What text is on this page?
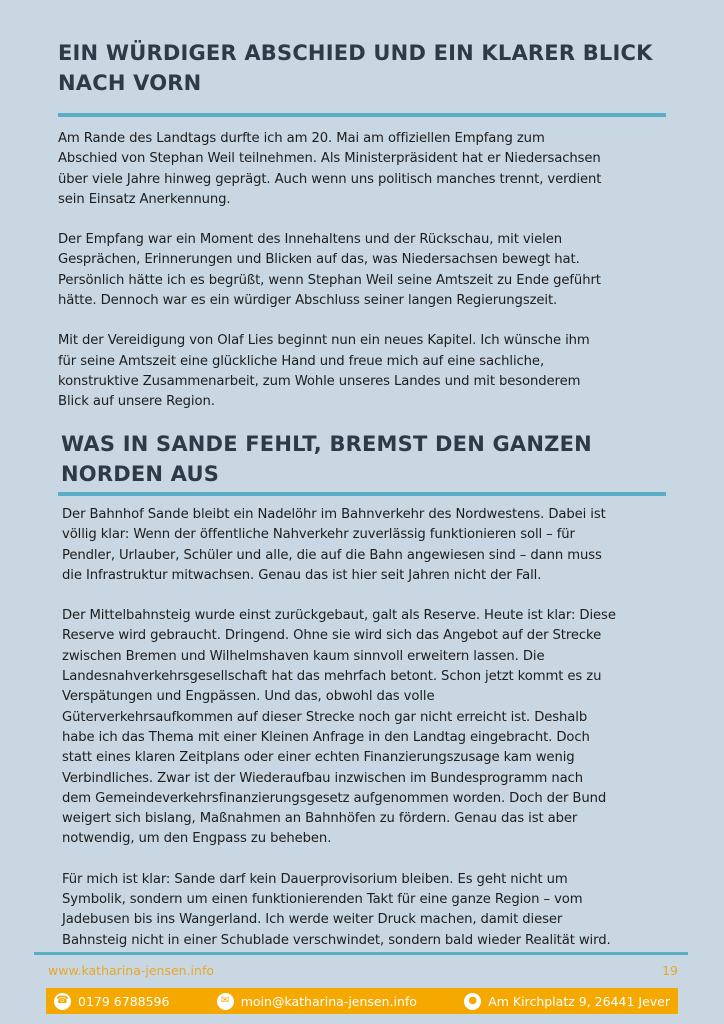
EIN WÜRDIGER ABSCHIED UND EIN KLARER BLICK
NACH VORN

Am Rande des Landtags durfte ich am 20. Mai am offiziellen Empfang zum
Abschied von Stephan Weil teilnehmen. Als Ministerpräsident hat er Niedersachsen
über viele Jahre hinweg geprägt. Auch wenn uns politisch manches trennt, verdient
sein Einsatz Anerkennung.

Der Empfang war ein Moment des Innehaltens und der Rückschau, mit vielen
Gesprächen, Erinnerungen und Blicken auf das, was Niedersachsen bewegt hat.
Persönlich hätte ich es begrüßt, wenn Stephan Weil seine Amtszeit zu Ende geführt
hätte. Dennoch war es ein würdiger Abschluss seiner langen Regierungszeit.

Mit der Vereidigung von Olaf Lies beginnt nun ein neues Kapitel. Ich wünsche ihm
für seine Amtszeit eine glückliche Hand und freue mich auf eine sachliche,
konstruktive Zusammenarbeit, zum Wohle unseres Landes und mit besonderem
Blick auf unsere Region.

WAS IN SANDE FEHLT, BREMST DEN GANZEN
NORDEN AUS

Der Bahnhof Sande bleibt ein Nadelöhr im Bahnverkehr des Nordwestens. Dabei ist
völlig klar: Wenn der öffentliche Nahverkehr zuverlässig funktionieren soll – für
Pendler, Urlauber, Schüler und alle, die auf die Bahn angewiesen sind – dann muss
die Infrastruktur mitwachsen. Genau das ist hier seit Jahren nicht der Fall.

Der Mittelbahnsteig wurde einst zurückgebaut, galt als Reserve. Heute ist klar: Diese
Reserve wird gebraucht. Dringend. Ohne sie wird sich das Angebot auf der Strecke
zwischen Bremen und Wilhelmshaven kaum sinnvoll erweitern lassen. Die
Landesnahverkehrsgesellschaft hat das mehrfach betont. Schon jetzt kommt es zu
Verspätungen und Engpässen. Und das, obwohl das volle
Güterverkehrsaufkommen auf dieser Strecke noch gar nicht erreicht ist. Deshalb
habe ich das Thema mit einer Kleinen Anfrage in den Landtag eingebracht. Doch
statt eines klaren Zeitplans oder einer echten Finanzierungszusage kam wenig
Verbindliches. Zwar ist der Wiederaufbau inzwischen im Bundesprogramm nach
dem Gemeindeverkehrsfinanzierungsgesetz aufgenommen worden. Doch der Bund
weigert sich bislang, Maßnahmen an Bahnhöfen zu fördern. Genau das ist aber
notwendig, um den Engpass zu beheben.

Für mich ist klar: Sande darf kein Dauerprovisorium bleiben. Es geht nicht um
Symbolik, sondern um einen funktionierenden Takt für eine ganze Region – vom
Jadebusen bis ins Wangerland. Ich werde weiter Druck machen, damit dieser
Bahnsteig nicht in einer Schublade verschwindet, sondern bald wieder Realität wird.

www.katharina-jensen.info	19
☎ 0179 6788596	✉ moin@katharina-jensen.info	● Am Kirchplatz 9, 26441 Jever
